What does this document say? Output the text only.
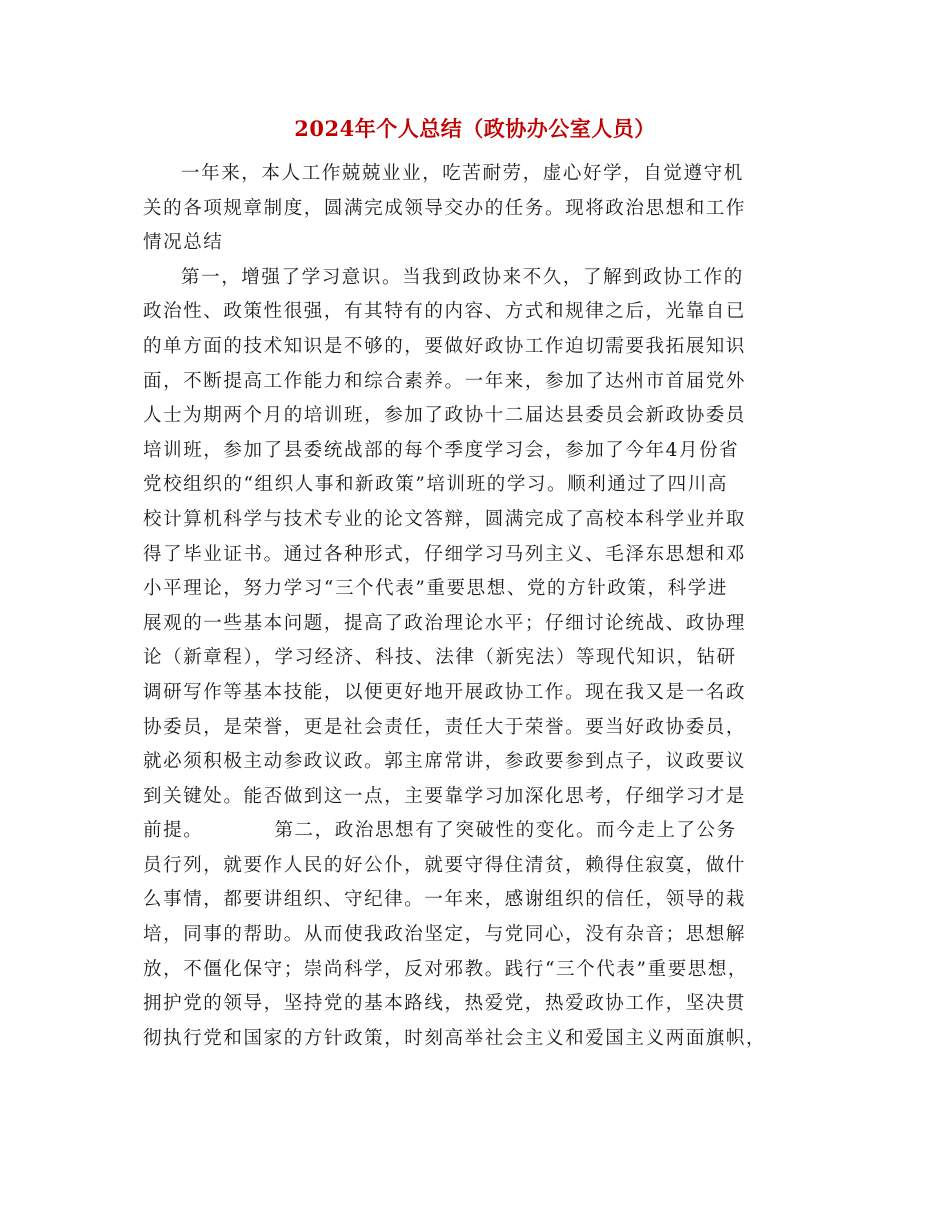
2024年个人总结（政协办公室人员）
一年来，本人工作兢兢业业，吃苦耐劳，虚心好学，自觉遵守机
关的各项规章制度，圆满完成领导交办的任务。现将政治思想和工作
情况总结
第一，增强了学习意识。当我到政协来不久，了解到政协工作的
政治性、政策性很强，有其特有的内容、方式和规律之后，光靠自已
的单方面的技术知识是不够的，要做好政协工作迫切需要我拓展知识
面，不断提高工作能力和综合素养。一年来，参加了达州市首届党外
人士为期两个月的培训班，参加了政协十二届达县委员会新政协委员
培训班，参加了县委统战部的每个季度学习会，参加了今年4月份省
党校组织的“组织人事和新政策”培训班的学习。顺利通过了四川高
校计算机科学与技术专业的论文答辩，圆满完成了高校本科学业并取
得了毕业证书。通过各种形式，仔细学习马列主义、毛泽东思想和邓
小平理论，努力学习“三个代表”重要思想、党的方针政策，科学进
展观的一些基本问题，提高了政治理论水平；仔细讨论统战、政协理
论（新章程），学习经济、科技、法律（新宪法）等现代知识，钻研
调研写作等基本技能，以便更好地开展政协工作。现在我又是一名政
协委员，是荣誉，更是社会责任，责任大于荣誉。要当好政协委员，
就必须积极主动参政议政。郭主席常讲，参政要参到点子，议政要议
到关键处。能否做到这一点，主要靠学习加深化思考，仔细学习才是
前提。　　　　第二，政治思想有了突破性的变化。而今走上了公务
员行列，就要作人民的好公仆，就要守得住清贫，赖得住寂寞，做什
么事情，都要讲组织、守纪律。一年来，感谢组织的信任，领导的栽
培，同事的帮助。从而使我政治坚定，与党同心，没有杂音；思想解
放，不僵化保守；崇尚科学，反对邪教。践行“三个代表”重要思想，
拥护党的领导，坚持党的基本路线，热爱党，热爱政协工作，坚决贯
彻执行党和国家的方针政策，时刻高举社会主义和爱国主义两面旗帜，
